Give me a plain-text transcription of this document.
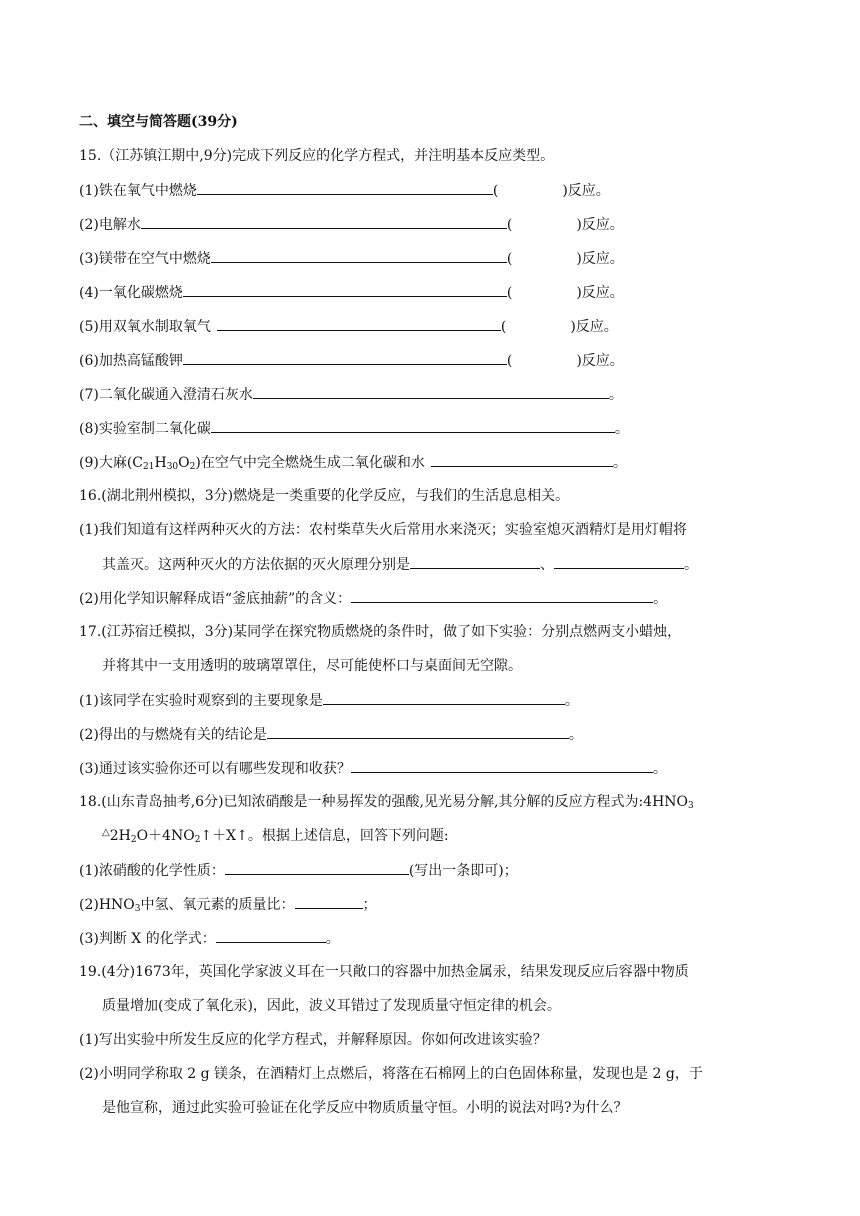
二、填空与简答题(39分)
15.（江苏镇江期中,9分)完成下列反应的化学方程式，并注明基本反应类型。
(1)铁在氧气中燃烧	(	)反应。
(2)电解水	(	)反应。
(3)镁带在空气中燃烧	(	)反应。
(4)一氧化碳燃烧	(	)反应。
(5)用双氧水制取氧气	(	)反应。
(6)加热高锰酸钾	(	)反应。
(7)二氧化碳通入澄清石灰水	。
(8)实验室制二氧化碳	。
(9)大麻$(C_{21}H_{30}O_2)$在空气中完全燃烧生成二氧化碳和水	。
16.(湖北荆州模拟，3分)燃烧是一类重要的化学反应，与我们的生活息息相关。
(1)我们知道有这样两种灭火的方法：农村柴草失火后常用水来浇灭；实验室熄灭酒精灯是用灯帽将
其盖灭。这两种灭火的方法依据的灭火原理分别是	、	。
(2)用化学知识解释成语“釜底抽薪”的含义：	。
17.(江苏宿迁模拟，3分)某同学在探究物质燃烧的条件时，做了如下实验：分别点燃两支小蜡烛，
并将其中一支用透明的玻璃罩罩住，尽可能使杯口与桌面间无空隙。
(1)该同学在实验时观察到的主要现象是	。
(2)得出的与燃烧有关的结论是	。
(3)通过该实验你还可以有哪些发现和收获？	。
18.(山东青岛抽考,6分)已知浓硝酸是一种易挥发的强酸,见光易分解,其分解的反应方程式为$:4HNO_3$
$^\triangle 2H_2O+4NO_2↑+X↑$。根据上述信息，回答下列问题:
(1)浓硝酸的化学性质：	(写出一条即可)；
$(2)HNO_3$中氢、氧元素的质量比：	；
(3)判断 X 的化学式：	。
19.(4分)1673年，英国化学家波义耳在一只敞口的容器中加热金属汞，结果发现反应后容器中物质
质量增加(变成了氧化汞)，因此，波义耳错过了发现质量守恒定律的机会。
(1)写出实验中所发生反应的化学方程式，并解释原因。你如何改进该实验？
(2)小明同学称取 2 g 镁条，在酒精灯上点燃后，将落在石棉网上的白色固体称量，发现也是 2 g，于
是他宣称，通过此实验可验证在化学反应中物质质量守恒。小明的说法对吗?为什么？
